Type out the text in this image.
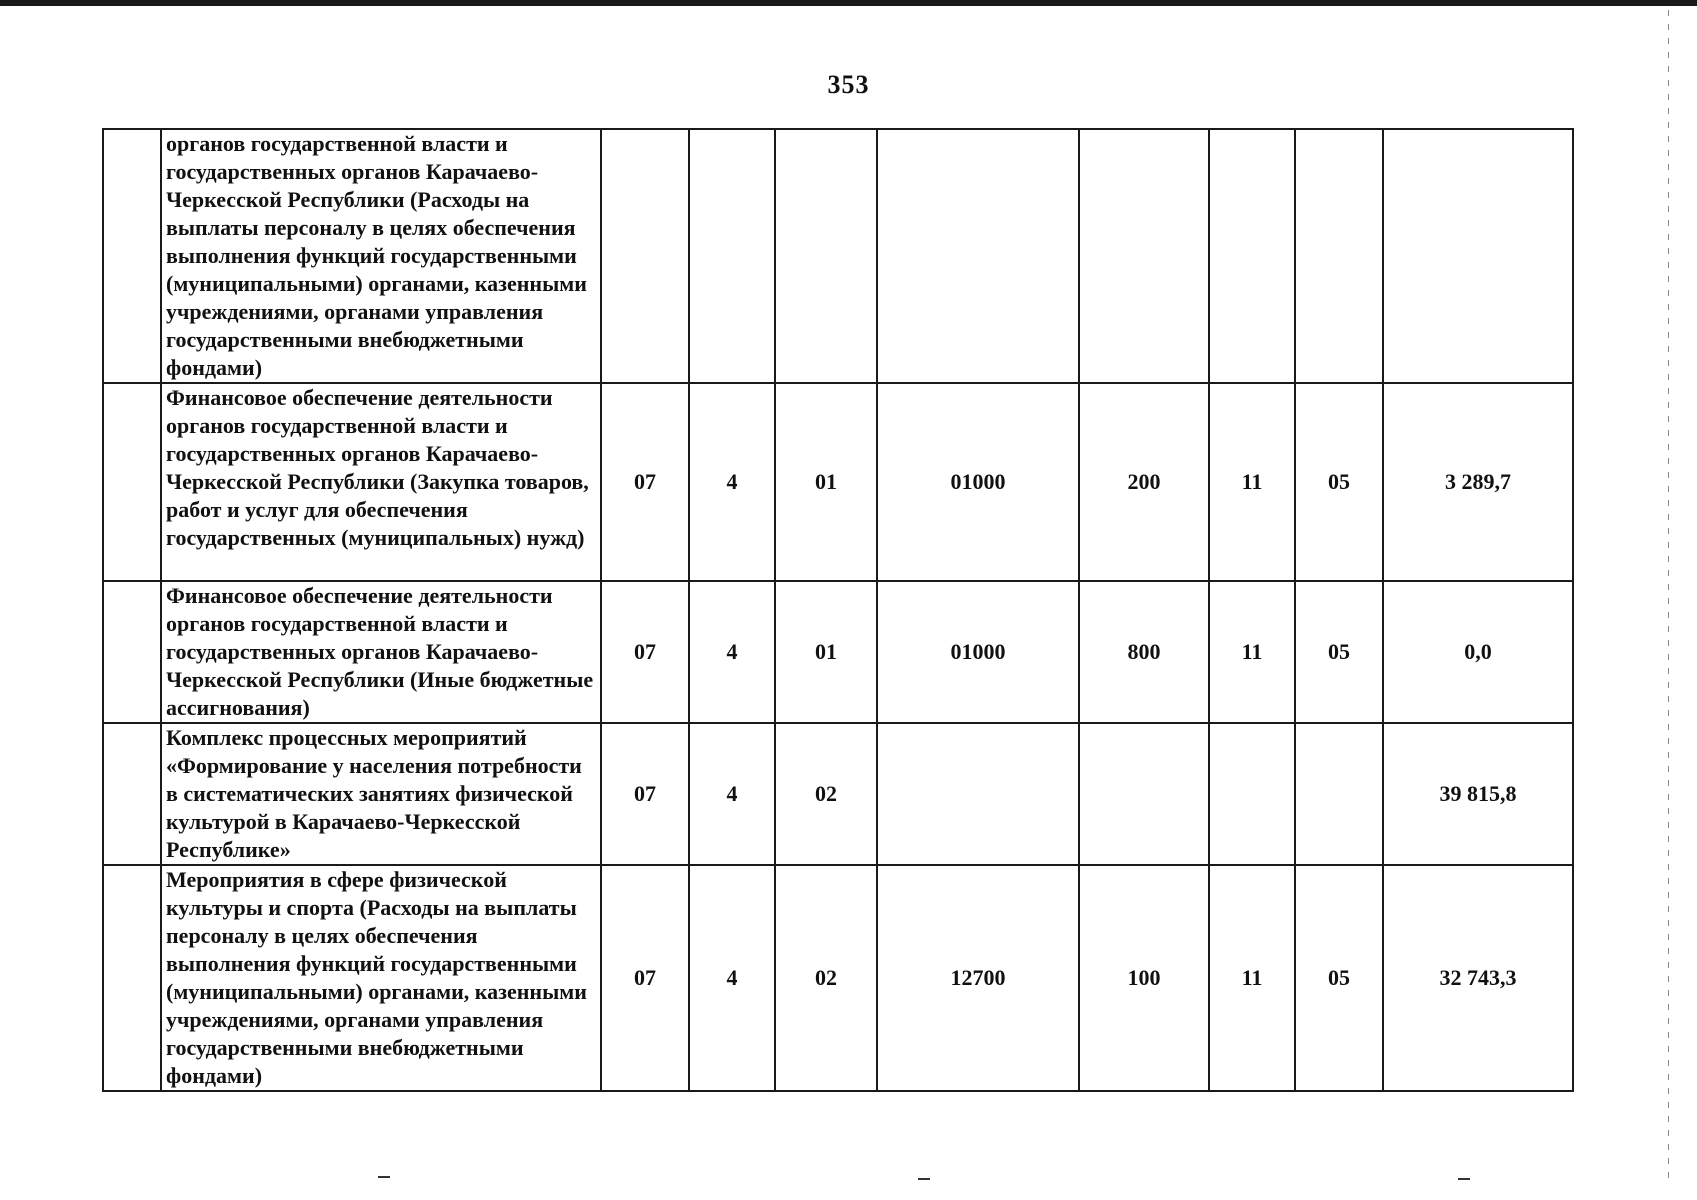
353
	органов государственной власти и государственных органов Карачаево-Черкесской Республики (Расходы на выплаты персоналу в целях обеспечения выполнения функций государственными (муниципальными) органами, казенными учреждениями, органами управления государственными внебюджетными фондами)								
	Финансовое обеспечение деятельности органов государственной власти и государственных органов Карачаево-Черкесской Республики (Закупка товаров, работ и услуг для обеспечения государственных (муниципальных) нужд)	07	4	01	01000	200	11	05	3 289,7
	Финансовое обеспечение деятельности органов государственной власти и государственных органов Карачаево-Черкесской Республики (Иные бюджетные ассигнования)	07	4	01	01000	800	11	05	0,0
	Комплекс процессных мероприятий «Формирование у населения потребности в систематических занятиях физической культурой в Карачаево-Черкесской Республике»	07	4	02					39 815,8
	Мероприятия в сфере физической культуры и спорта (Расходы на выплаты персоналу в целях обеспечения выполнения функций государственными (муниципальными) органами, казенными учреждениями, органами управления государственными внебюджетными фондами)	07	4	02	12700	100	11	05	32 743,3
